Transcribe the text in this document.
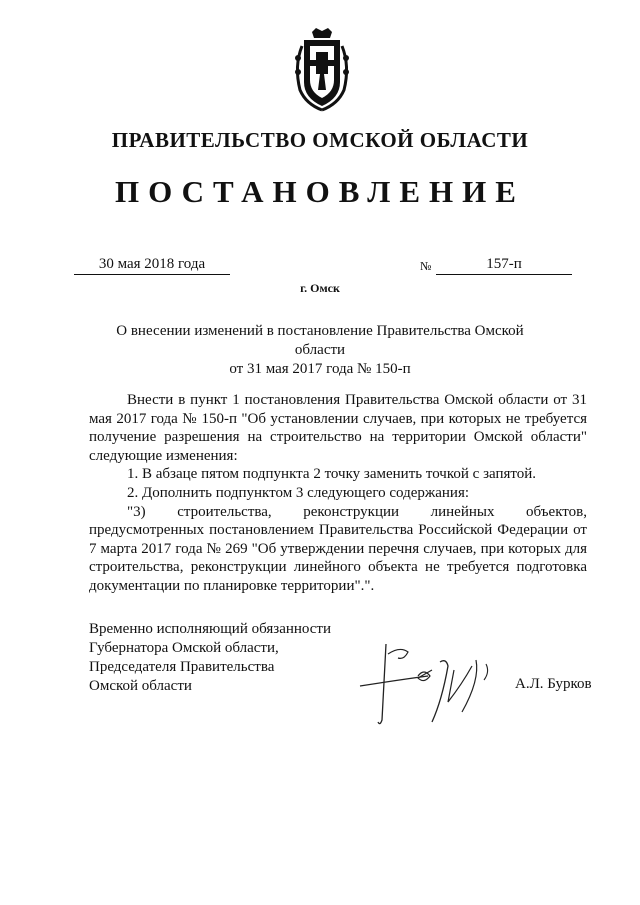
ПРАВИТЕЛЬСТВО ОМСКОЙ ОБЛАСТИ
ПОСТАНОВЛЕНИЕ
30 мая 2018 года	№	157-п
г. Омск
О внесении изменений в постановление Правительства Омской области
от 31 мая 2017 года № 150-п

Внести в пункт 1 постановления Правительства Омской области от 31 мая 2017 года № 150-п "Об установлении случаев, при которых не требуется получение разрешения на строительство на территории Омской области" следующие изменения:

1. В абзаце пятом подпункта 2 точку заменить точкой с запятой.

2. Дополнить подпунктом 3 следующего содержания:

"3) строительства, реконструкции линейных объектов, предусмотренных постановлением Правительства Российской Федерации от 7 марта 2017 года № 269 "Об утверждении перечня случаев, при которых для строительства, реконструкции линейного объекта не требуется подготовка документации по планировке территории".".

Временно исполняющий обязанности
Губернатора Омской области,
Председателя Правительства
Омской области	А.Л. Бурков
